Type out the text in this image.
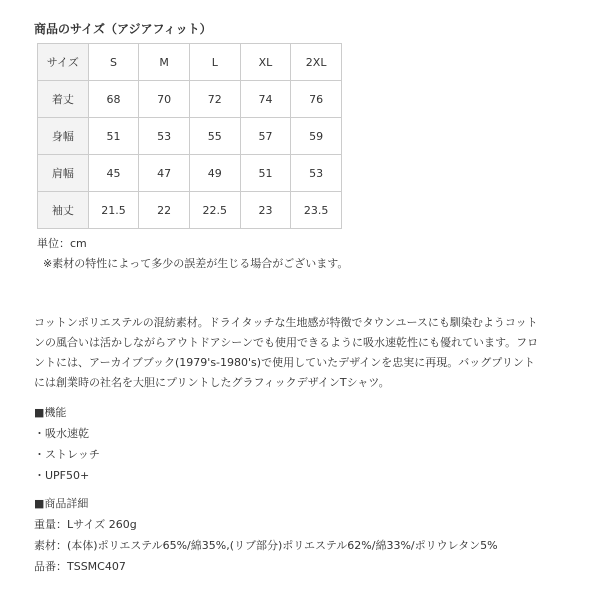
商品のサイズ（アジアフィット）
サイズ	S	M	L	XL	2XL
着丈	68	70	72	74	76
身幅	51	53	55	57	59
肩幅	45	47	49	51	53
袖丈	21.5	22	22.5	23	23.5
単位：cm
※素材の特性によって多少の誤差が生じる場合がございます。

コットンポリエステルの混紡素材。ドライタッチな生地感が特徴でタウンユースにも馴染むようコット

ンの風合いは活かしながらアウトドアシーンでも使用できるように吸水速乾性にも優れています。フロ

ントには、アーカイブブック(1979's-1980's)で使用していたデザインを忠実に再現。バッグプリント

には創業時の社名を大胆にプリントしたグラフィックデザインTシャツ。

■機能

・吸水速乾

・ストレッチ

・UPF50+

■商品詳細

重量：Lサイズ 260g

素材：(本体)ポリエステル65%/綿35%,(リブ部分)ポリエステル62%/綿33%/ポリウレタン5%

品番：TSSMC407
